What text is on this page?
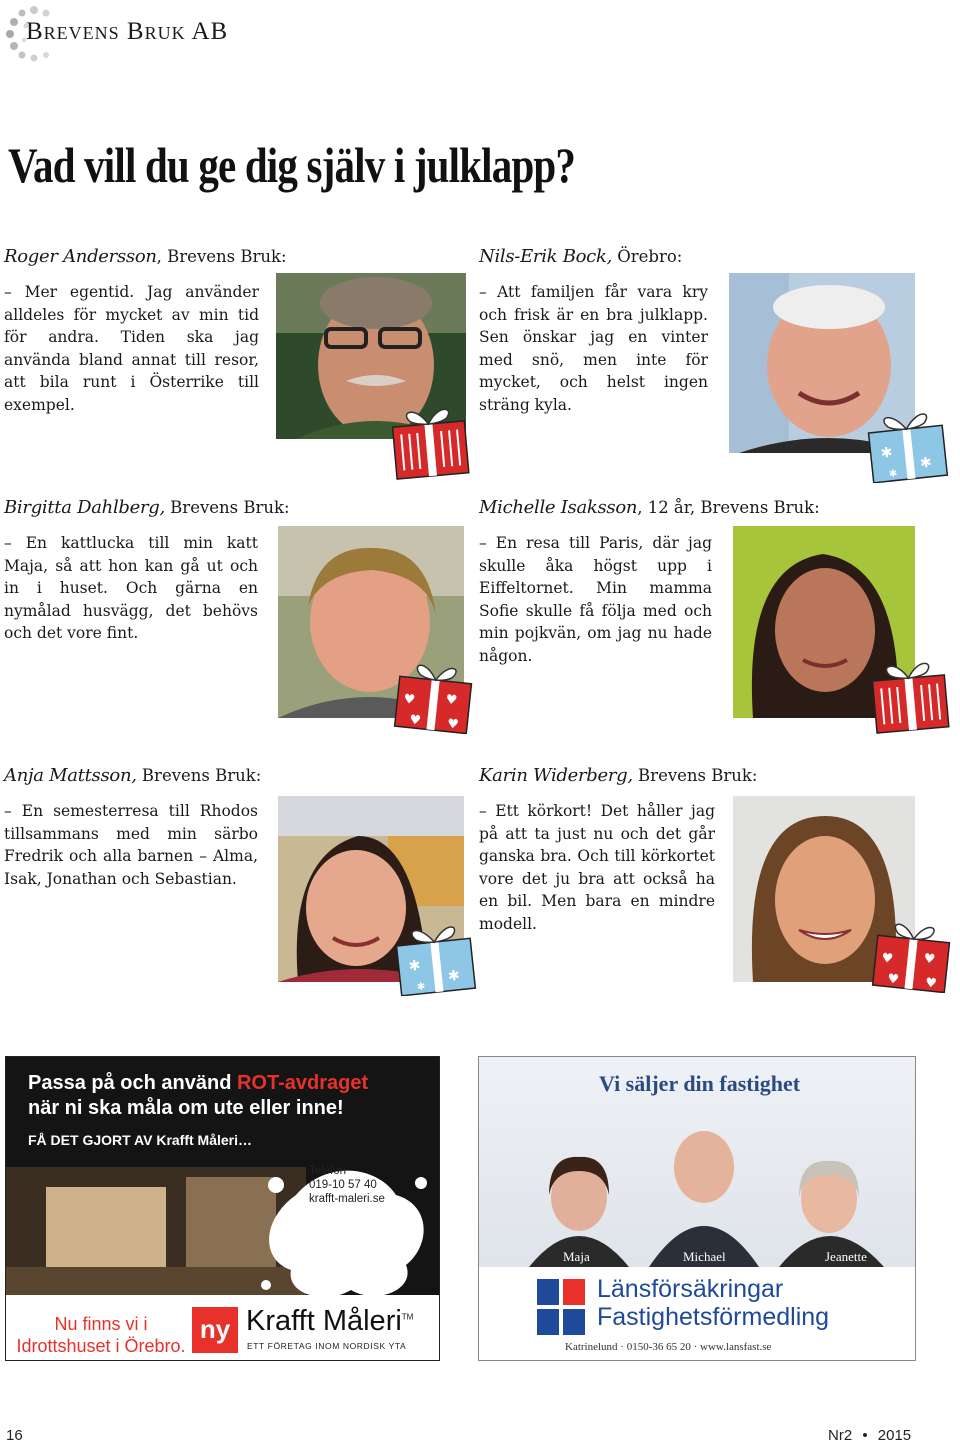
Brevens Bruk AB
Vad vill du ge dig själv i julklapp?
Roger Andersson, Brevens Bruk:
– Mer egentid. Jag använder alldeles för mycket av min tid för andra. Tiden ska jag använda bland annat till resor, att bila runt i Österrike till exempel.
Nils-Erik Bock, Örebro:
– Att familjen får vara kry och frisk är en bra julklapp. Sen önskar jag en vinter med snö, men inte för mycket, och helst ingen sträng kyla.
Birgitta Dahlberg, Brevens Bruk:
– En kattlucka till min katt Maja, så att hon kan gå ut och in i huset. Och gärna en nymålad husvägg, det behövs och det vore fint.
Michelle Isaksson, 12 år, Brevens Bruk:
– En resa till Paris, där jag skulle åka högst upp i Eiffeltornet. Min mamma Sofie skulle få följa med och min pojkvän, om jag nu hade någon.
Anja Mattsson, Brevens Bruk:
– En semesterresa till Rhodos tillsammans med min särbo Fredrik och alla barnen – Alma, Isak, Jonathan och Sebastian.
Karin Widerberg, Brevens Bruk:
– Ett körkort! Det håller jag på att ta just nu och det går ganska bra. Och till körkortet vore det ju bra att också ha en bil. Men bara en mindre modell.
✱
✱
✱
♥ ♥
♥ ♥
✱
✱
✱
♥ ♥
♥ ♥
Passa på och använd ROT-avdraget
när ni ska måla om ute eller inne!
FÅ DET GJORT AV Krafft Måleri…
Telefon
019-10 57 40
krafft-maleri.se
Nu finns vi i
Idrottshuset i Örebro.
ny Krafft Måleri™
ETT FÖRETAG INOM NORDISK YTA
Vi säljer din fastighet
Maja	Michael	Jeanette
Länsförsäkringar
Fastighetsförmedling
Katrinelund · 0150-36 65 20 · www.lansfast.se
16	Nr2 • 2015
